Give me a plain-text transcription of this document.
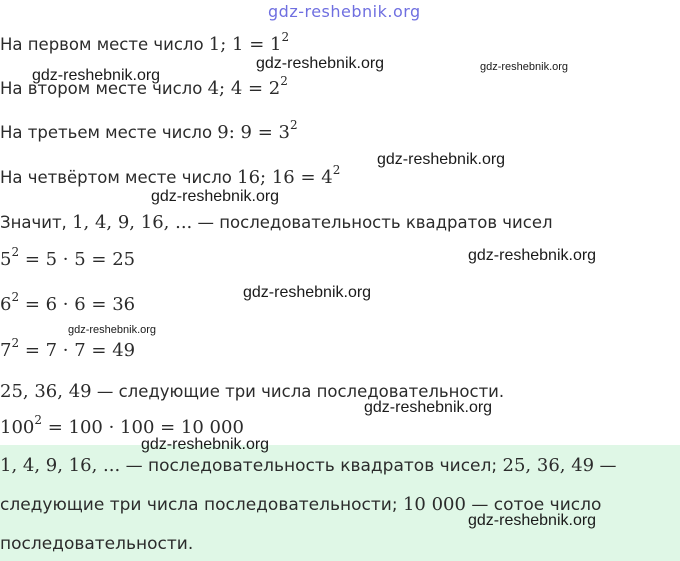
gdz-reshebnik.org
На первом месте число 1; $1 = 1^2$
На втором месте число 4; $4 = 2^2$
На третьем месте число 9: $9 = 3^2$
На четвёртом месте число 16; $16 = 4^2$
Значит, 1, 4, 9, 16, ... — последовательность квадратов чисел
$5^2 = 5 \cdot 5 = 25$
$6^2 = 6 \cdot 6 = 36$
$7^2 = 7 \cdot 7 = 49$
25, 36, 49 — следующие три числа последовательности.
$100^2 = 100 \cdot 100 = 10$ 000
1, 4, 9, 16, ... — последовательность квадратов чисел; 25, 36, 49 —
следующие три числа последовательности; 10 000 — сотое число
последовательности.
gdz-reshebnik.org	gdz-reshebnik.org
gdz-reshebnik.org
gdz-reshebnik.org
gdz-reshebnik.org
gdz-reshebnik.org
gdz-reshebnik.org
gdz-reshebnik.org
gdz-reshebnik.org
gdz-reshebnik.org
gdz-reshebnik.org
